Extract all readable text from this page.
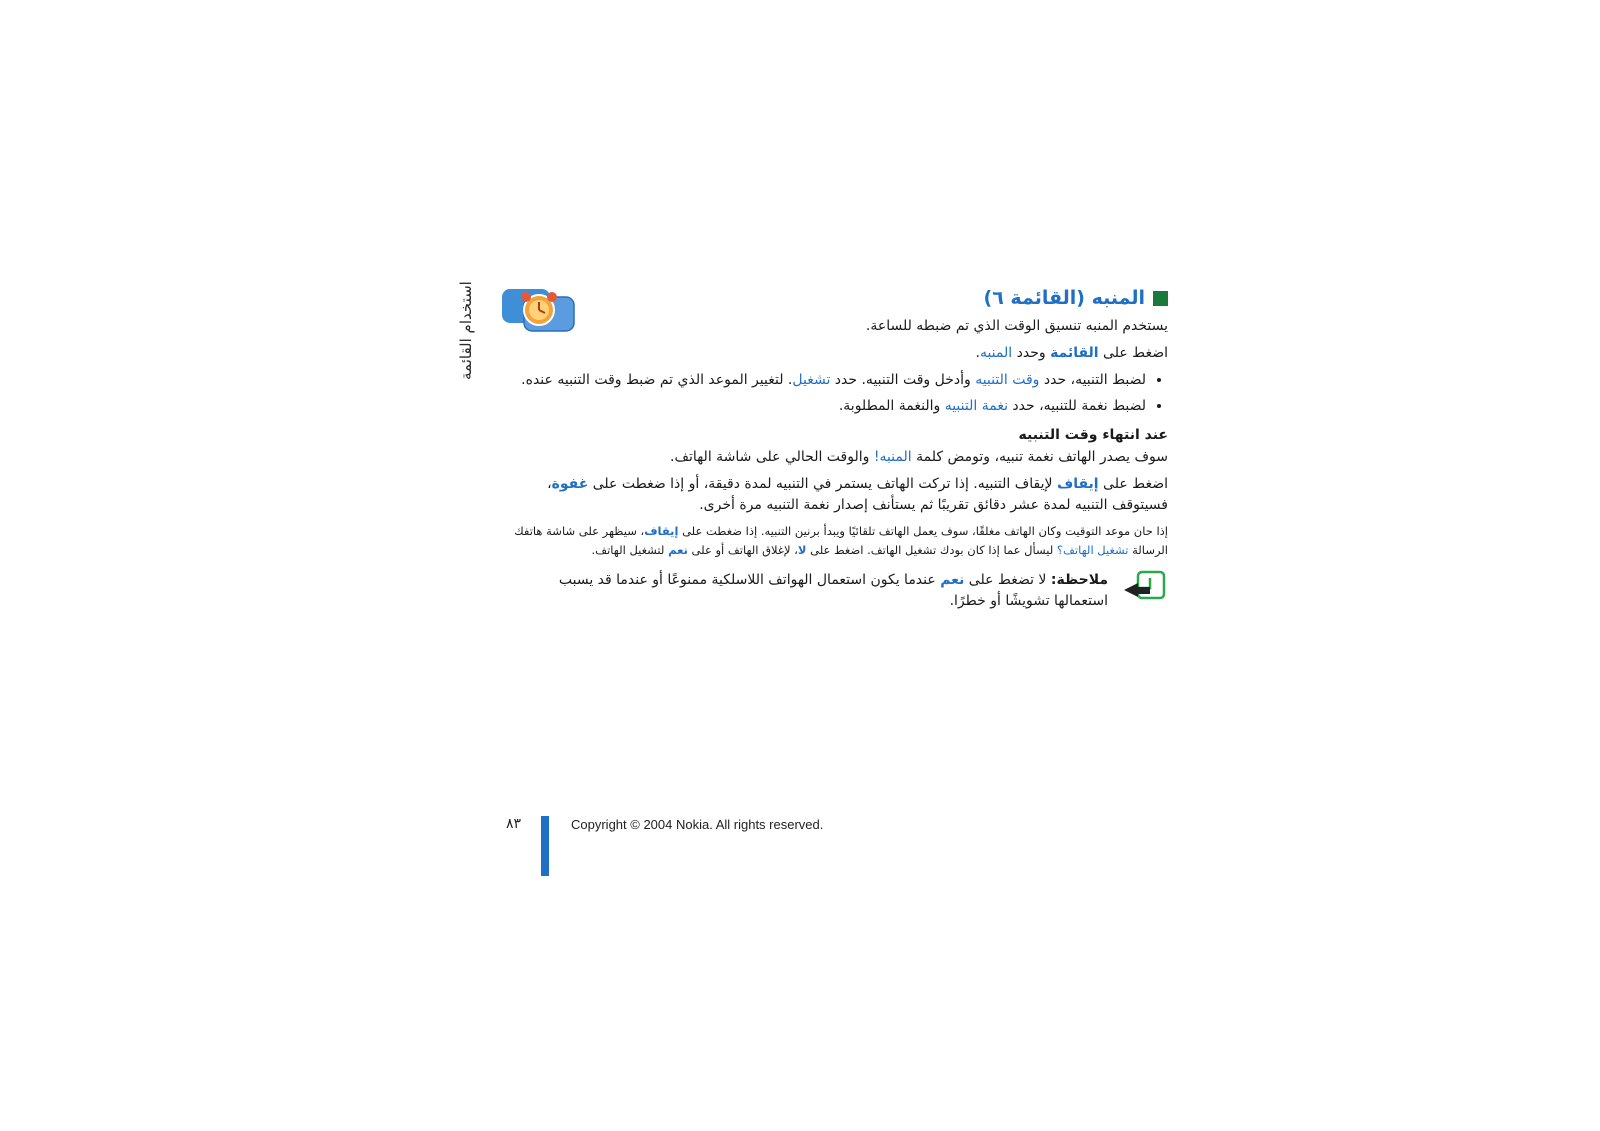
استخدام القائمة	المنبه (القائمة ٦)

يستخدم المنبه تنسيق الوقت الذي تم ضبطه للساعة.

اضغط على القائمة وحدد المنبه.

• لضبط التنبيه، حدد وقت التنبيه وأدخل وقت التنبيه. حدد تشغيل. لتغيير الموعد الذي تم ضبط وقت التنبيه عنده.
• لضبط نغمة للتنبيه، حدد نغمة التنبيه والنغمة المطلوبة.
عند انتهاء وقت التنبيه

سوف يصدر الهاتف نغمة تنبيه، وتومض كلمة المنبه! والوقت الحالي على شاشة الهاتف.

اضغط على إيقاف لإيقاف التنبيه. إذا تركت الهاتف يستمر في التنبيه لمدة دقيقة، أو إذا ضغطت على غفوة، فسيتوقف التنبيه لمدة عشر دقائق تقريبًا ثم يستأنف إصدار نغمة التنبيه مرة أخرى.

إذا حان موعد التوقيت وكان الهاتف مغلقًا، سوف يعمل الهاتف تلقائيًا ويبدأ برنين التنبيه. إذا ضغطت على إيقاف، سيظهر على شاشة هاتفك الرسالة تشغيل الهاتف؟ ليسأل عما إذا كان بودك تشغيل الهاتف. اضغط على لا، لإغلاق الهاتف أو على نعم لتشغيل الهاتف.

ملاحظة: لا تضغط على نعم عندما يكون استعمال الهواتف اللاسلكية ممنوعًا أو عندما قد يسبب استعمالها تشويشًا أو خطرًا.
٨٣	Copyright © 2004 Nokia. All rights reserved.
